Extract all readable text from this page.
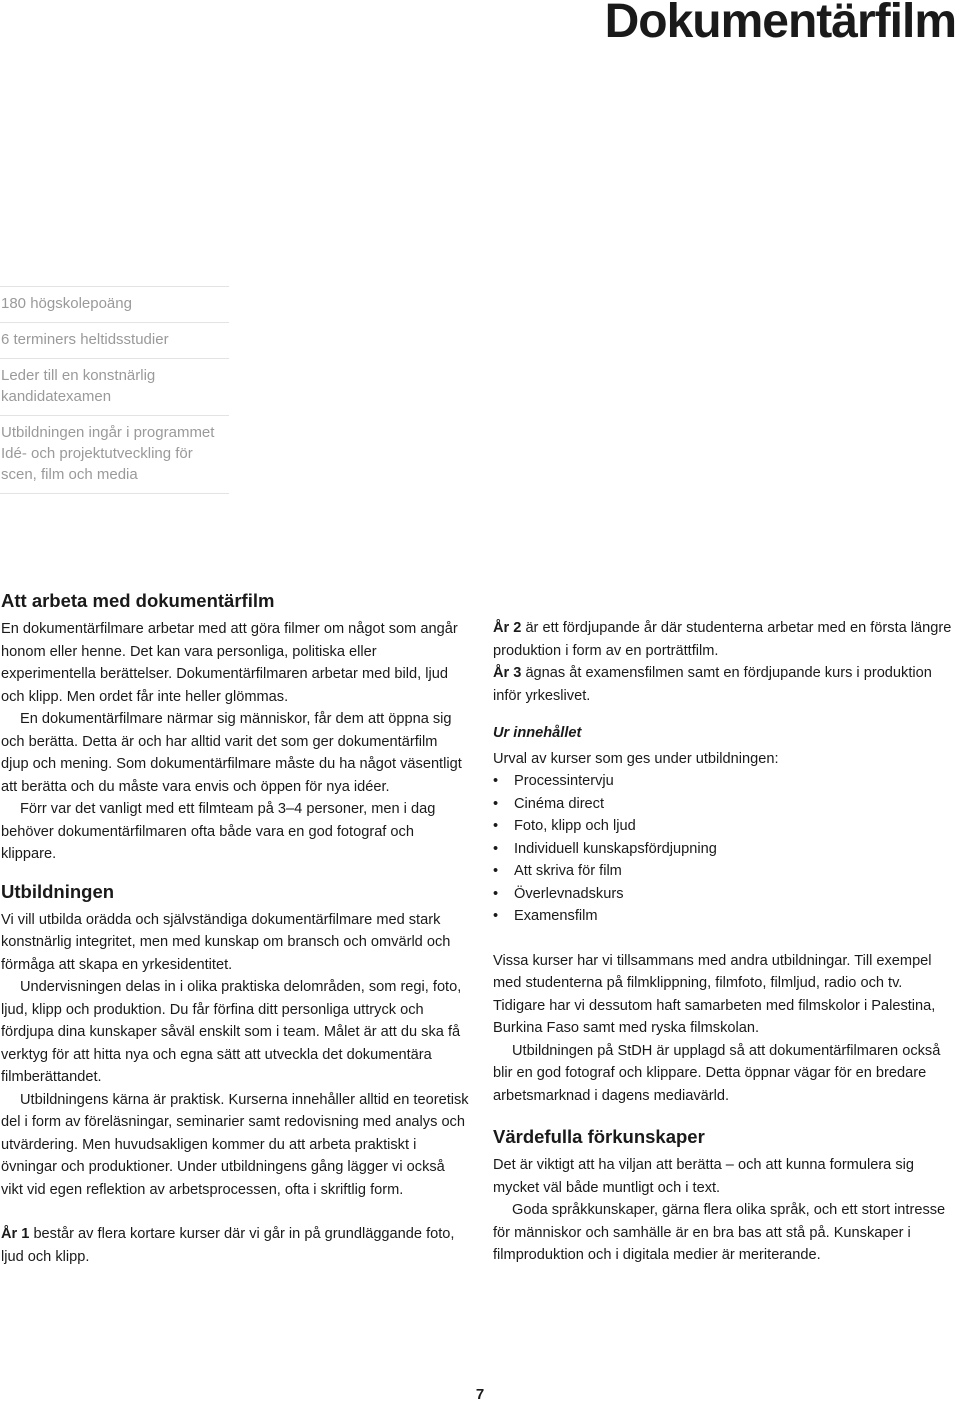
Dokumentärfilm
180 högskolepoäng
6 terminers heltidsstudier
Leder till en konstnärlig kandidatexamen
Utbildningen ingår i programmet Idé- och projektutveckling för scen, film och media
Att arbeta med dokumentärfilm

En dokumentärfilmare arbetar med att göra filmer om något som angår honom eller henne. Det kan vara personliga, politiska eller experimentella berättelser. Dokumentärfilmaren arbetar med bild, ljud och klipp. Men ordet får inte heller glömmas.

En dokumentärfilmare närmar sig människor, får dem att öppna sig och berätta. Detta är och har alltid varit det som ger dokumentärfilm djup och mening. Som dokumentärfilmare måste du ha något väsentligt att berätta och du måste vara envis och öppen för nya idéer.

Förr var det vanligt med ett filmteam på 3–4 personer, men i dag behöver dokumentärfilmaren ofta både vara en god fotograf och klippare.

Utbildningen

Vi vill utbilda orädda och självständiga dokumentärfilmare med stark konstnärlig integritet, men med kunskap om bransch och omvärld och förmåga att skapa en yrkesidentitet.

Undervisningen delas in i olika praktiska delområden, som regi, foto, ljud, klipp och produktion. Du får förfina ditt personliga uttryck och fördjupa dina kunskaper såväl enskilt som i team. Målet är att du ska få verktyg för att hitta nya och egna sätt att utveckla det dokumentära filmberättandet.

Utbildningens kärna är praktisk. Kurserna innehåller alltid en teoretisk del i form av föreläsningar, seminarier samt redovisning med analys och utvärdering. Men huvudsakligen kommer du att arbeta praktiskt i övningar och produktioner. Under utbildningens gång lägger vi också vikt vid egen reflektion av arbetsprocessen, ofta i skriftlig form.

År 1 består av flera kortare kurser där vi går in på grundläggande foto, ljud och klipp.

År 2 är ett fördjupande år där studenterna arbetar med en första längre produktion i form av en porträttfilm.

År 3 ägnas åt examensfilmen samt en fördjupande kurs i produktion inför yrkeslivet.

Ur innehållet

Urval av kurser som ges under utbildningen:

• Processintervju
• Cinéma direct
• Foto, klipp och ljud
• Individuell kunskapsfördjupning
• Att skriva för film
• Överlevnadskurs
• Examensfilm

Vissa kurser har vi tillsammans med andra utbildningar. Till exempel med studenterna på filmklippning, filmfoto, filmljud, radio och tv. Tidigare har vi dessutom haft samarbeten med filmskolor i Palestina, Burkina Faso samt med ryska filmskolan.

Utbildningen på StDH är upplagd så att dokumentärfilmaren också blir en god fotograf och klippare. Detta öppnar vägar för en bredare arbetsmarknad i dagens mediavärld.

Värdefulla förkunskaper

Det är viktigt att ha viljan att berätta – och att kunna formulera sig mycket väl både muntligt och i text.

Goda språkkunskaper, gärna flera olika språk, och ett stort intresse för människor och samhälle är en bra bas att stå på. Kunskaper i filmproduktion och i digitala medier är meriterande.

7
